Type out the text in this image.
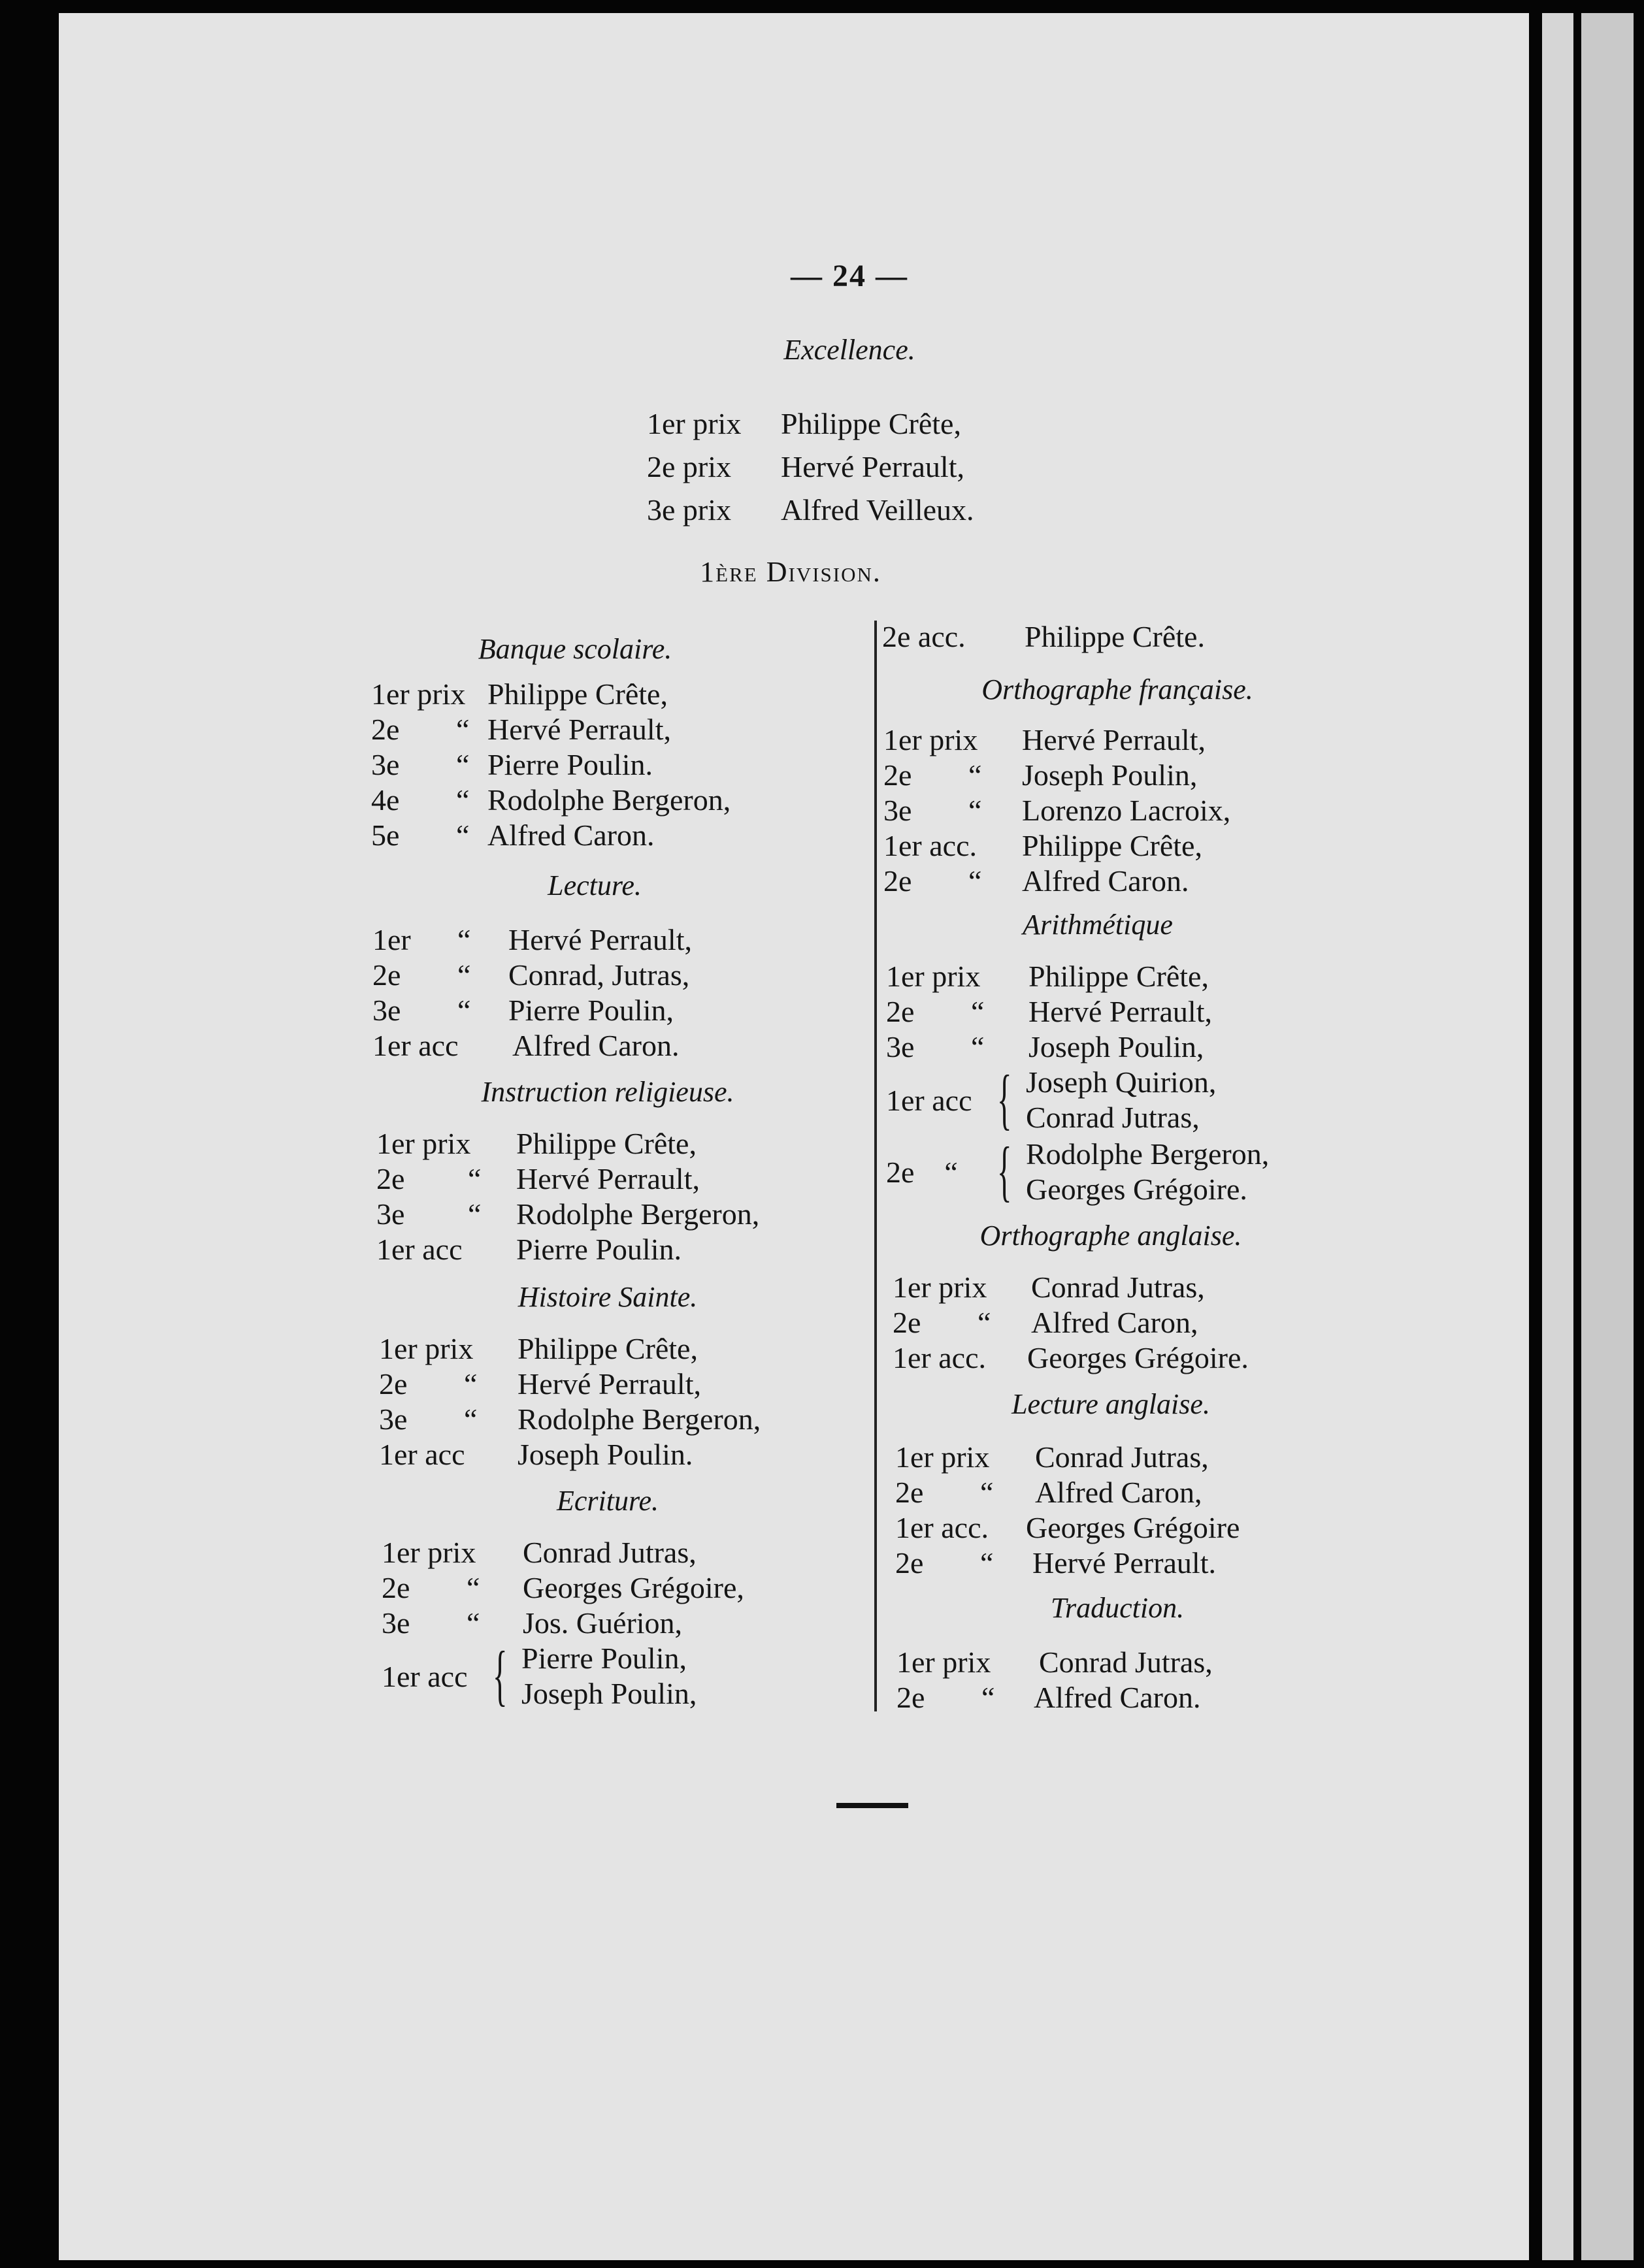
— 24 —
Excellence.
1er prix Philippe Crête,
2e prix Hervé Perrault,
3e prix Alfred Veilleux.
1ère Division.
Banque scolaire.
1er prix Philippe Crête,
2e “ Hervé Perrault,
3e “ Pierre Poulin.
4e “ Rodolphe Bergeron,
5e “ Alfred Caron.
Lecture.
1er “ Hervé Perrault,
2e “ Conrad, Jutras,
3e “ Pierre Poulin,
1er acc Alfred Caron.
Instruction religieuse.
1er prix Philippe Crête,
2e “ Hervé Perrault,
3e “ Rodolphe Bergeron,
1er acc Pierre Poulin.
Histoire Sainte.
1er prix Philippe Crête,
2e “ Hervé Perrault,
3e “ Rodolphe Bergeron,
1er acc Joseph Poulin.
Ecriture.
1er prix Conrad Jutras,
2e “ Georges Grégoire,
3e “ Jos. Guérion,
1er acc { Pierre Poulin,
Joseph Poulin,
2e acc. Philippe Crête.
Orthographe française.
1er prix Hervé Perrault,
2e “ Joseph Poulin,
3e “ Lorenzo Lacroix,
1er acc. Philippe Crête,
2e “ Alfred Caron.
Arithmétique
1er prix Philippe Crête,
2e “ Hervé Perrault,
3e “ Joseph Poulin,
1er acc { Joseph Quirion,
Conrad Jutras,
2e    “ { Rodolphe Bergeron,
Georges Grégoire.
Orthographe anglaise.
1er prix Conrad Jutras,
2e “ Alfred Caron,
1er acc. Georges Grégoire.
Lecture anglaise.
1er prix Conrad Jutras,
2e “ Alfred Caron,
1er acc. Georges Grégoire
2e “ Hervé Perrault.
Traduction.
1er prix Conrad Jutras,
2e “ Alfred Caron.
